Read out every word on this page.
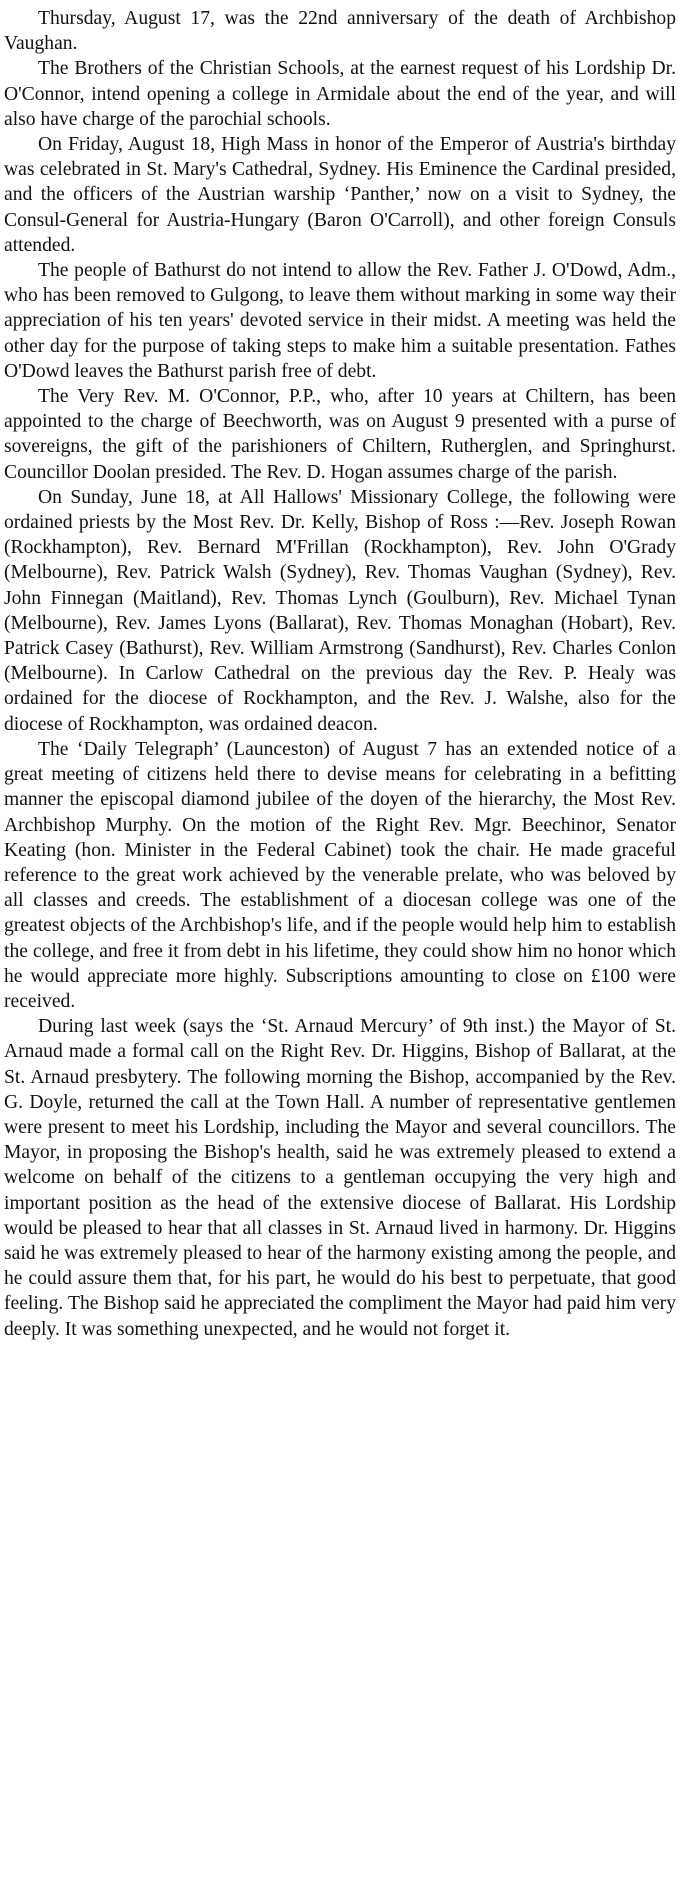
Thursday, August 17, was the 22nd anniversary of the death of Archbishop Vaughan.

The Brothers of the Christian Schools, at the earnest request of his Lordship Dr. O'Connor, intend opening a college in Armidale about the end of the year, and will also have charge of the parochial schools.

On Friday, August 18, High Mass in honor of the Emperor of Austria's birthday was celebrated in St. Mary's Cathedral, Sydney. His Eminence the Cardinal presided, and the officers of the Austrian warship ‘Panther,’ now on a visit to Sydney, the Consul-General for Austria-Hungary (Baron O'Carroll), and other foreign Consuls attended.

The people of Bathurst do not intend to allow the Rev. Father J. O'Dowd, Adm., who has been removed to Gulgong, to leave them without marking in some way their appreciation of his ten years' devoted service in their midst. A meeting was held the other day for the purpose of taking steps to make him a suitable presentation. Fathes O'Dowd leaves the Bathurst parish free of debt.

The Very Rev. M. O'Connor, P.P., who, after 10 years at Chiltern, has been appointed to the charge of Beechworth, was on August 9 presented with a purse of sovereigns, the gift of the parishioners of Chiltern, Rutherglen, and Springhurst. Councillor Doolan presided. The Rev. D. Hogan assumes charge of the parish.

On Sunday, June 18, at All Hallows' Missionary College, the following were ordained priests by the Most Rev. Dr. Kelly, Bishop of Ross :—Rev. Joseph Rowan (Rockhampton), Rev. Bernard M'Frillan (Rockhampton), Rev. John O'Grady (Melbourne), Rev. Patrick Walsh (Sydney), Rev. Thomas Vaughan (Sydney), Rev. John Finnegan (Maitland), Rev. Thomas Lynch (Goulburn), Rev. Michael Tynan (Melbourne), Rev. James Lyons (Ballarat), Rev. Thomas Monaghan (Hobart), Rev. Patrick Casey (Bathurst), Rev. William Armstrong (Sandhurst), Rev. Charles Conlon (Melbourne). In Carlow Cathedral on the previous day the Rev. P. Healy was ordained for the diocese of Rockhampton, and the Rev. J. Walshe, also for the diocese of Rockhampton, was ordained deacon.

The ‘Daily Telegraph’ (Launceston) of August 7 has an extended notice of a great meeting of citizens held there to devise means for celebrating in a befitting manner the episcopal diamond jubilee of the doyen of the hierarchy, the Most Rev. Archbishop Murphy. On the motion of the Right Rev. Mgr. Beechinor, Senator Keating (hon. Minister in the Federal Cabinet) took the chair. He made graceful reference to the great work achieved by the venerable prelate, who was beloved by all classes and creeds. The establishment of a diocesan college was one of the greatest objects of the Archbishop's life, and if the people would help him to establish the college, and free it from debt in his lifetime, they could show him no honor which he would appreciate more highly. Subscriptions amounting to close on £100 were received.

During last week (says the ‘St. Arnaud Mercury’ of 9th inst.) the Mayor of St. Arnaud made a formal call on the Right Rev. Dr. Higgins, Bishop of Ballarat, at the St. Arnaud presbytery. The following morning the Bishop, accompanied by the Rev. G. Doyle, returned the call at the Town Hall. A number of representative gentlemen were present to meet his Lordship, including the Mayor and several councillors. The Mayor, in proposing the Bishop's health, said he was extremely pleased to extend a welcome on behalf of the citizens to a gentleman occupying the very high and important position as the head of the extensive diocese of Ballarat. His Lordship would be pleased to hear that all classes in St. Arnaud lived in harmony. Dr. Higgins said he was extremely pleased to hear of the harmony existing among the people, and he could assure them that, for his part, he would do his best to perpetuate, that good feeling. The Bishop said he appreciated the compliment the Mayor had paid him very deeply. It was something unexpected, and he would not forget it.
